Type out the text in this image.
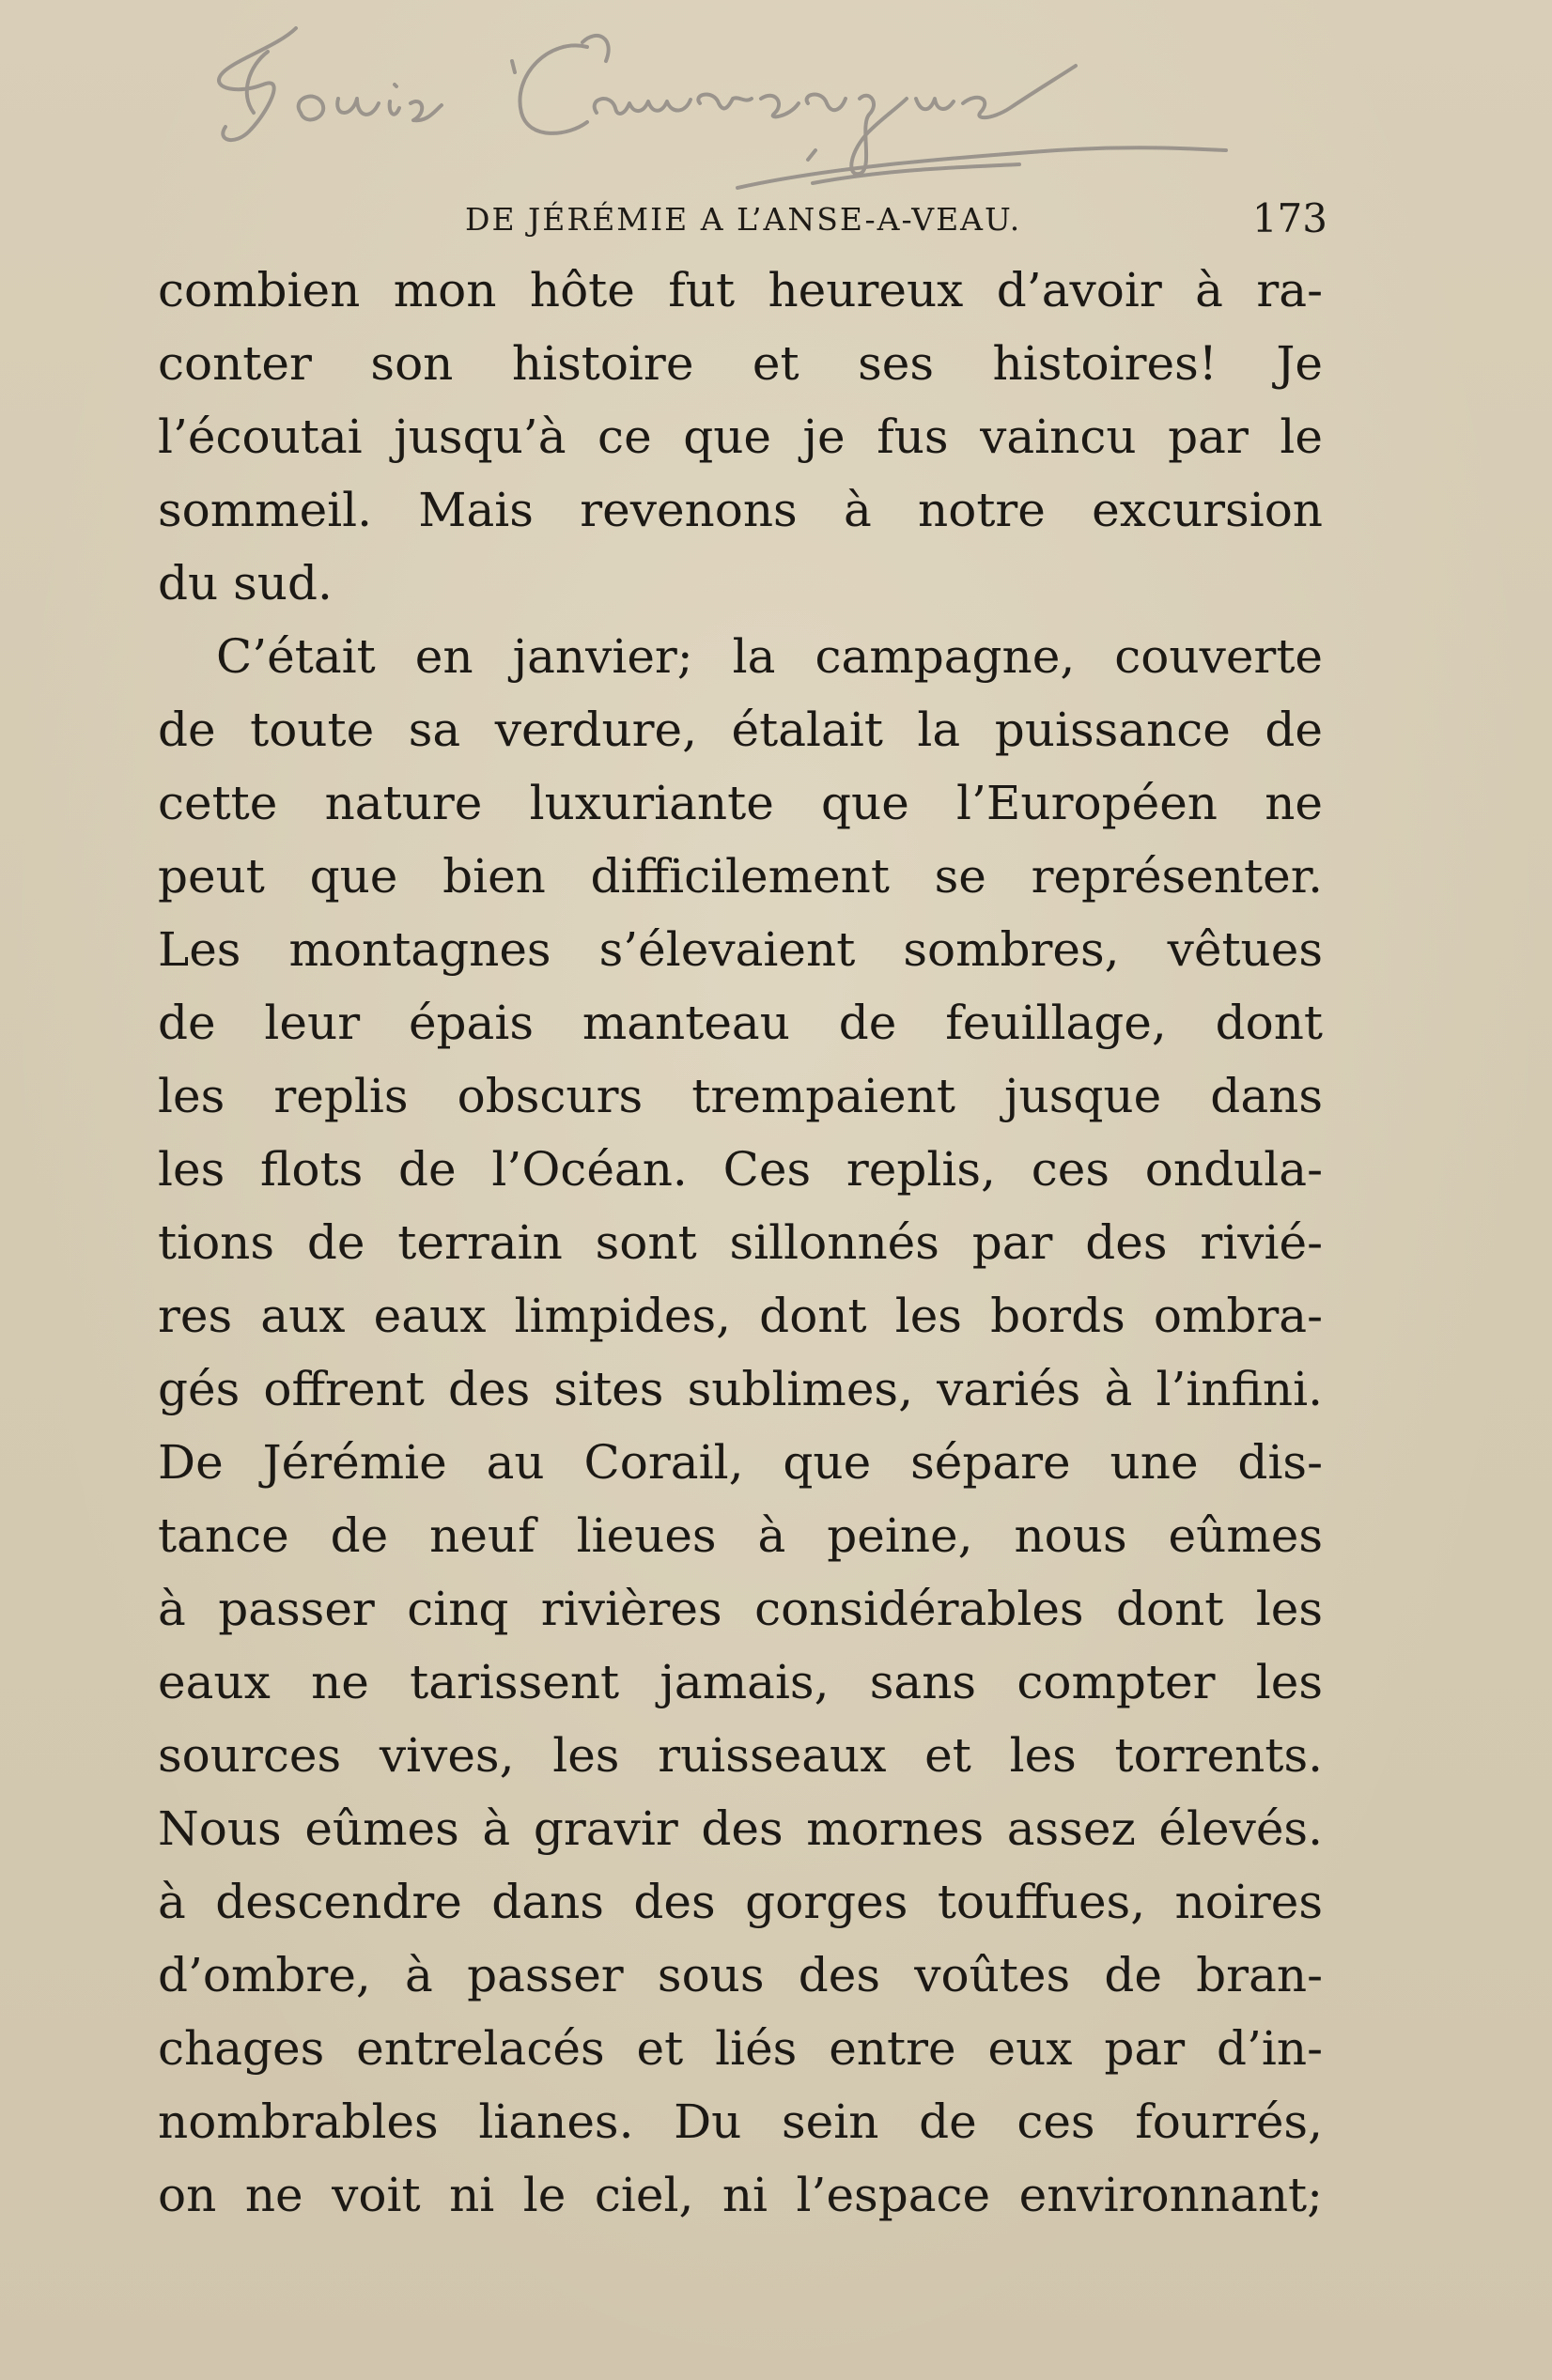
DE JÉRÉMIE A L’ANSE-A-VEAU.	173
combien mon hôte fut heureux d’avoir à ra-
conter son histoire et ses histoires! Je
l’écoutai jusqu’à ce que je fus vaincu par le
sommeil. Mais revenons à notre excursion
du sud.
C’était en janvier; la campagne, couverte
de toute sa verdure, étalait la puissance de
cette nature luxuriante que l’Européen ne
peut que bien difficilement se représenter.
Les montagnes s’élevaient sombres, vêtues
de leur épais manteau de feuillage, dont
les replis obscurs trempaient jusque dans
les flots de l’Océan. Ces replis, ces ondula-
tions de terrain sont sillonnés par des rivié-
res aux eaux limpides, dont les bords ombra-
gés offrent des sites sublimes, variés à l’infini.
De Jérémie au Corail, que sépare une dis-
tance de neuf lieues à peine, nous eûmes
à passer cinq rivières considérables dont les
eaux ne tarissent jamais, sans compter les
sources vives, les ruisseaux et les torrents.
Nous eûmes à gravir des mornes assez élevés.
à descendre dans des gorges touffues, noires
d’ombre, à passer sous des voûtes de bran-
chages entrelacés et liés entre eux par d’in-
nombrables lianes. Du sein de ces fourrés,
on ne voit ni le ciel, ni l’espace environnant;
